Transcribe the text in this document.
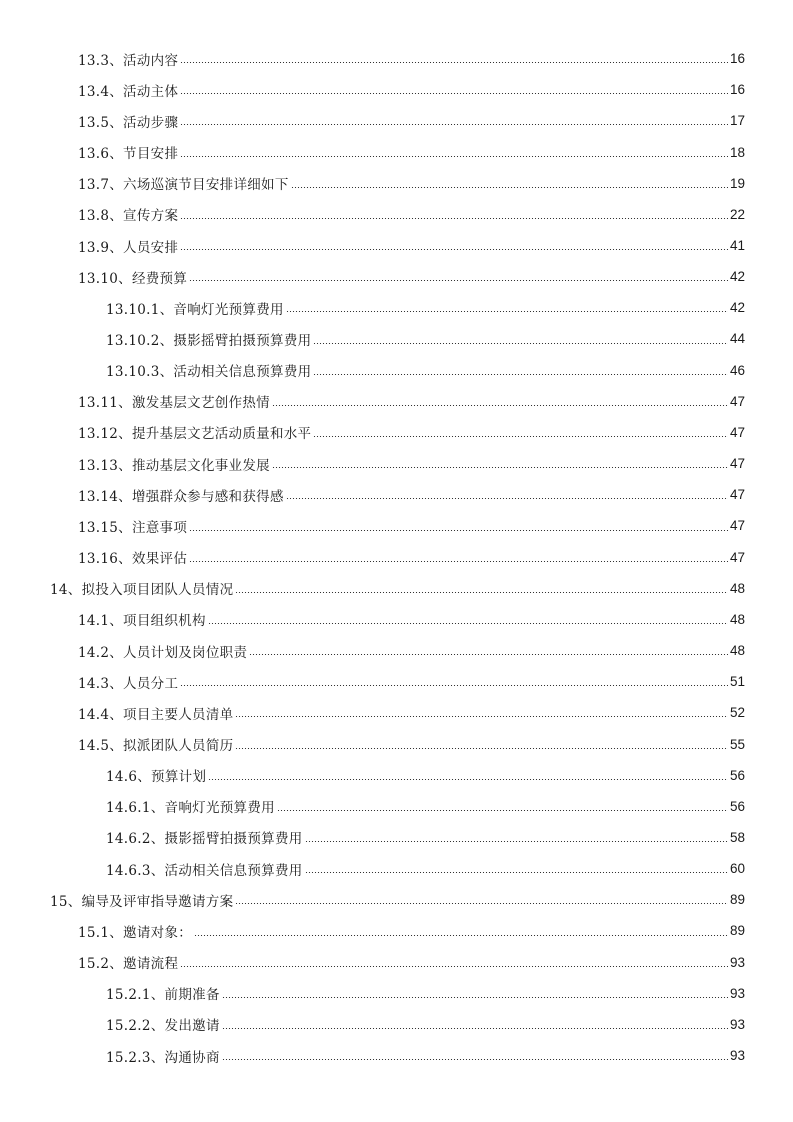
13.3、活动内容	16
13.4、活动主体	16
13.5、活动步骤	17
13.6、节目安排	18
13.7、六场巡演节目安排详细如下	19
13.8、宣传方案	22
13.9、人员安排	41
13.10、经费预算	42
13.10.1、音响灯光预算费用	42
13.10.2、摄影摇臂拍摄预算费用	44
13.10.3、活动相关信息预算费用	46
13.11、激发基层文艺创作热情	47
13.12、提升基层文艺活动质量和水平	47
13.13、推动基层文化事业发展	47
13.14、增强群众参与感和获得感	47
13.15、注意事项	47
13.16、效果评估	47
14、拟投入项目团队人员情况	48
14.1、项目组织机构	48
14.2、人员计划及岗位职责	48
14.3、人员分工	51
14.4、项目主要人员清单	52
14.5、拟派团队人员简历	55
14.6、预算计划	56
14.6.1、音响灯光预算费用	56
14.6.2、摄影摇臂拍摄预算费用	58
14.6.3、活动相关信息预算费用	60
15、编导及评审指导邀请方案	89
15.1、邀请对象：	89
15.2、邀请流程	93
15.2.1、前期准备	93
15.2.2、发出邀请	93
15.2.3、沟通协商	93
